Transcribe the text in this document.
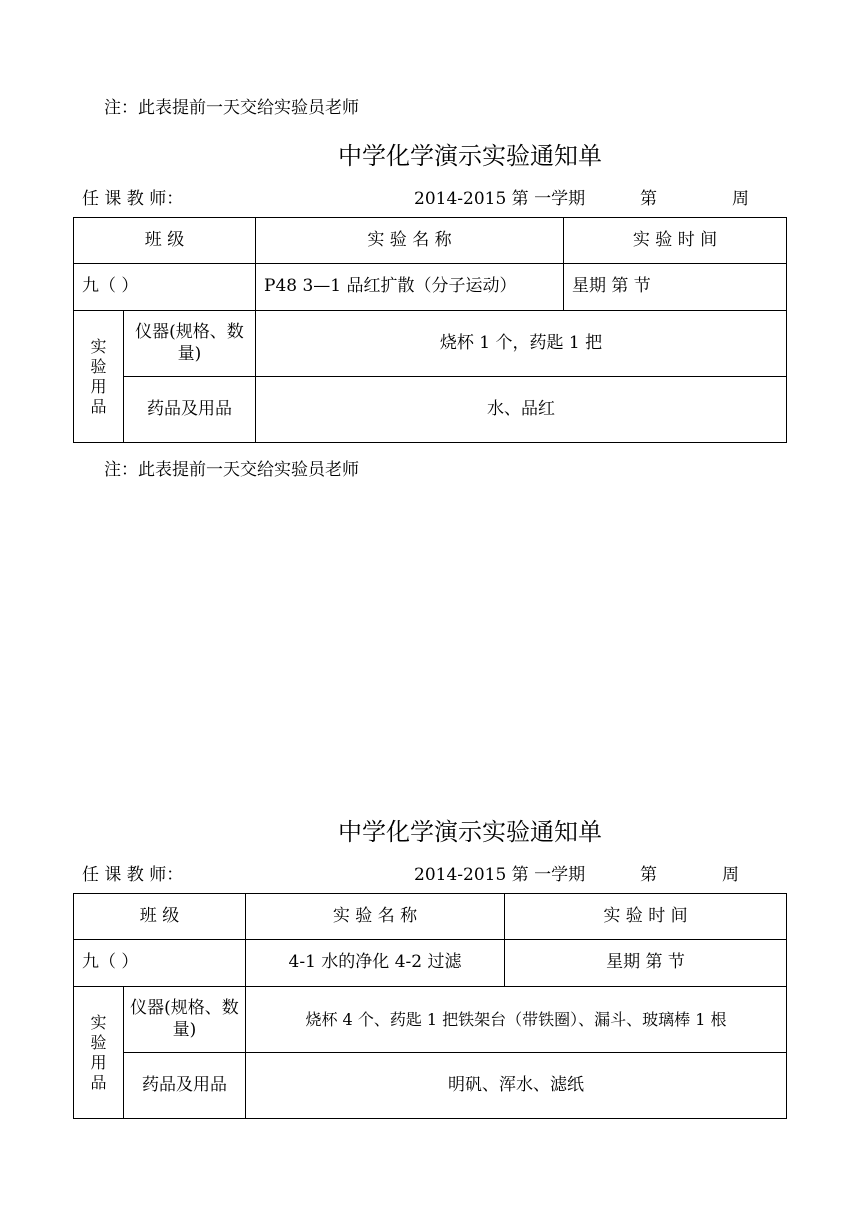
注：此表提前一天交给实验员老师
中学化学演示实验通知单
任 课 教 师：	2014-2015 第 一学期	第	周
班 级		实 验 名 称	实 验 时 间
九（ ）		P48 3—1 品红扩散（分子运动）	星期 第 节

实
验
用
品	仪器(规格、数量)	烧杯 1 个，药匙 1 把	
	药品及用品	水、品红	
注：此表提前一天交给实验员老师
中学化学演示实验通知单
任 课 教 师：	2014-2015 第 一学期	第	周
班 级		实 验 名 称	实 验 时 间
九（ ）		4-1 水的净化 4-2 过滤	星期 第 节

实
验
用
品	仪器(规格、数量)	烧杯 4 个、药匙 1 把铁架台（带铁圈）、漏斗、玻璃棒 1 根	
	药品及用品	明矾、浑水、滤纸	
